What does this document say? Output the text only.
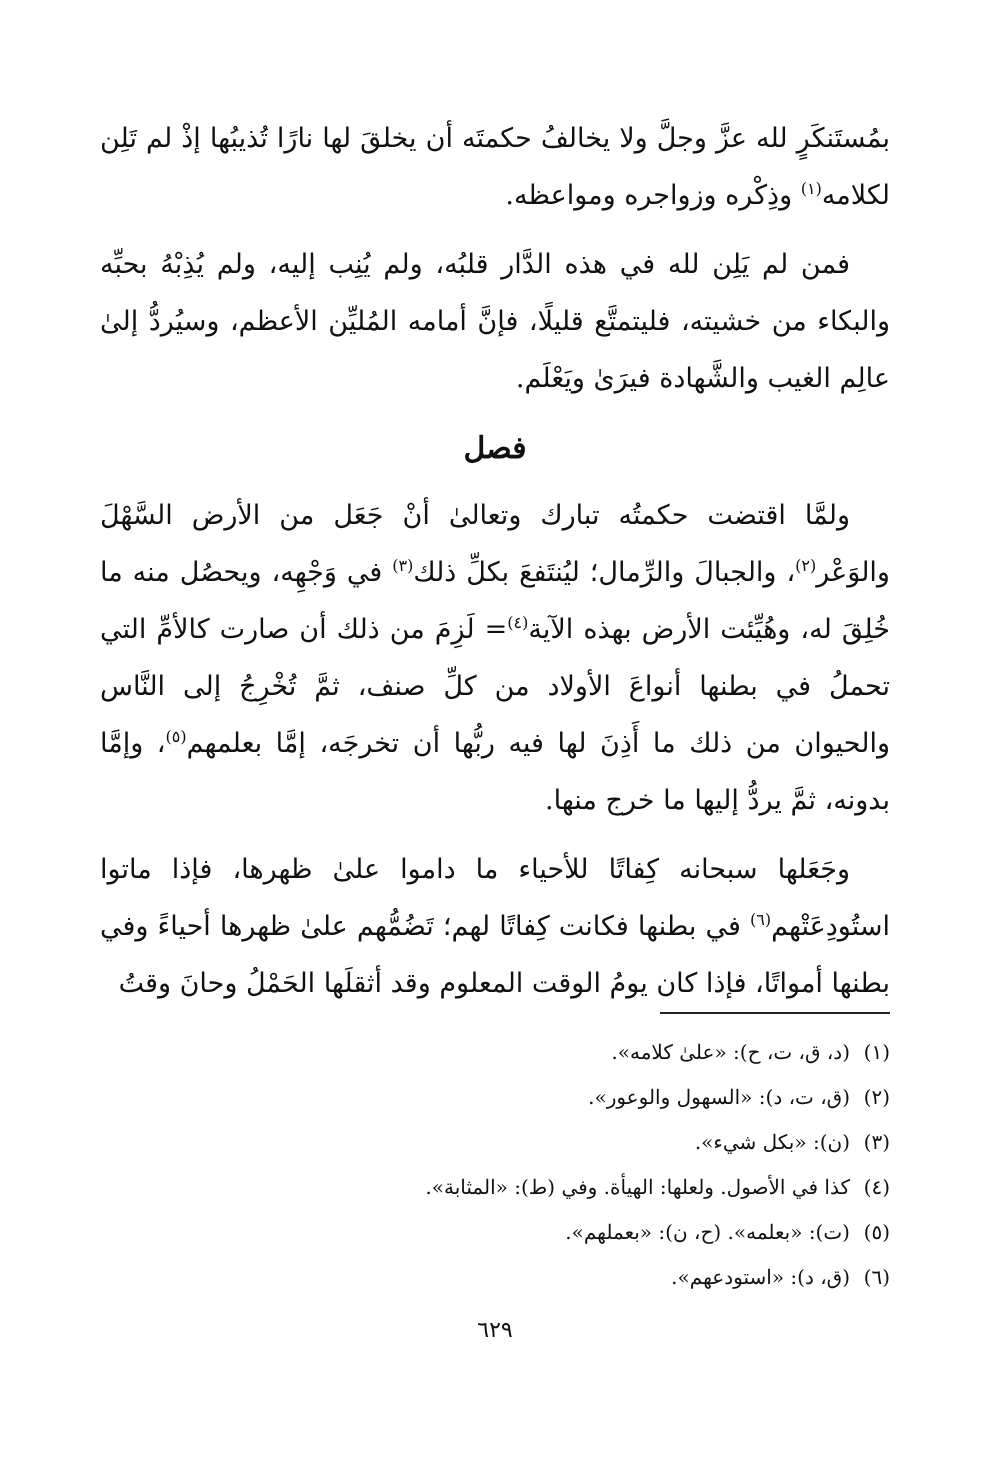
بمُستَنكَرٍ لله عزَّ وجلَّ ولا يخالفُ حكمتَه أن يخلقَ لها نارًا تُذيبُها إذْ لم تَلِن لكلامه$^{(١)}$ وذِكْره وزواجره ومواعظه.

فمن لم يَلِن لله في هذه الدَّار قلبُه، ولم يُنِب إليه، ولم يُذِبْهُ بحبِّه والبكاء من خشيته، فليتمتَّع قليلًا، فإنَّ أمامه المُليِّن الأعظم، وسيُردُّ إلىٰ عالِم الغيب والشَّهادة فيرَىٰ ويَعْلَم.

فصل

ولمَّا اقتضت حكمتُه تبارك وتعالىٰ أنْ جَعَل من الأرض السَّهْلَ والوَعْر$^{(٢)}$، والجبالَ والرِّمال؛ ليُنتَفعَ بكلِّ ذلك$^{(٣)}$ في وَجْهِه، ويحصُل منه ما خُلِقَ له، وهُيِّئت الأرض بهذه الآية$^{(٤)}$= لَزِمَ من ذلك أن صارت كالأمِّ التي تحملُ في بطنها أنواعَ الأولاد من كلِّ صنف، ثمَّ تُخْرِجُ إلى النَّاس والحيوان من ذلك ما أَذِنَ لها فيه ربُّها أن تخرجَه، إمَّا بعلمهم$^{(٥)}$، وإمَّا بدونه، ثمَّ يردُّ إليها ما خرج منها.

وجَعَلها سبحانه كِفاتًا للأحياء ما داموا علىٰ ظهرها، فإذا ماتوا استُودِعَتْهم$^{(٦)}$ في بطنها فكانت كِفاتًا لهم؛ تَضُمُّهم علىٰ ظهرها أحياءً وفي بطنها أمواتًا، فإذا كان يومُ الوقت المعلوم وقد أثقلَها الحَمْلُ وحانَ وقتُ

(١)(د، ق، ت، ح): «علىٰ كلامه».
(٢)(ق، ت، د): «السهول والوعور».
(٣)(ن): «بكل شيء».
(٤)كذا في الأصول. ولعلها: الهيأة. وفي (ط): «المثابة».
(٥)(ت): «بعلمه». (ح، ن): «بعملهم».
(٦)(ق، د): «استودعهم».
٦٢٩
